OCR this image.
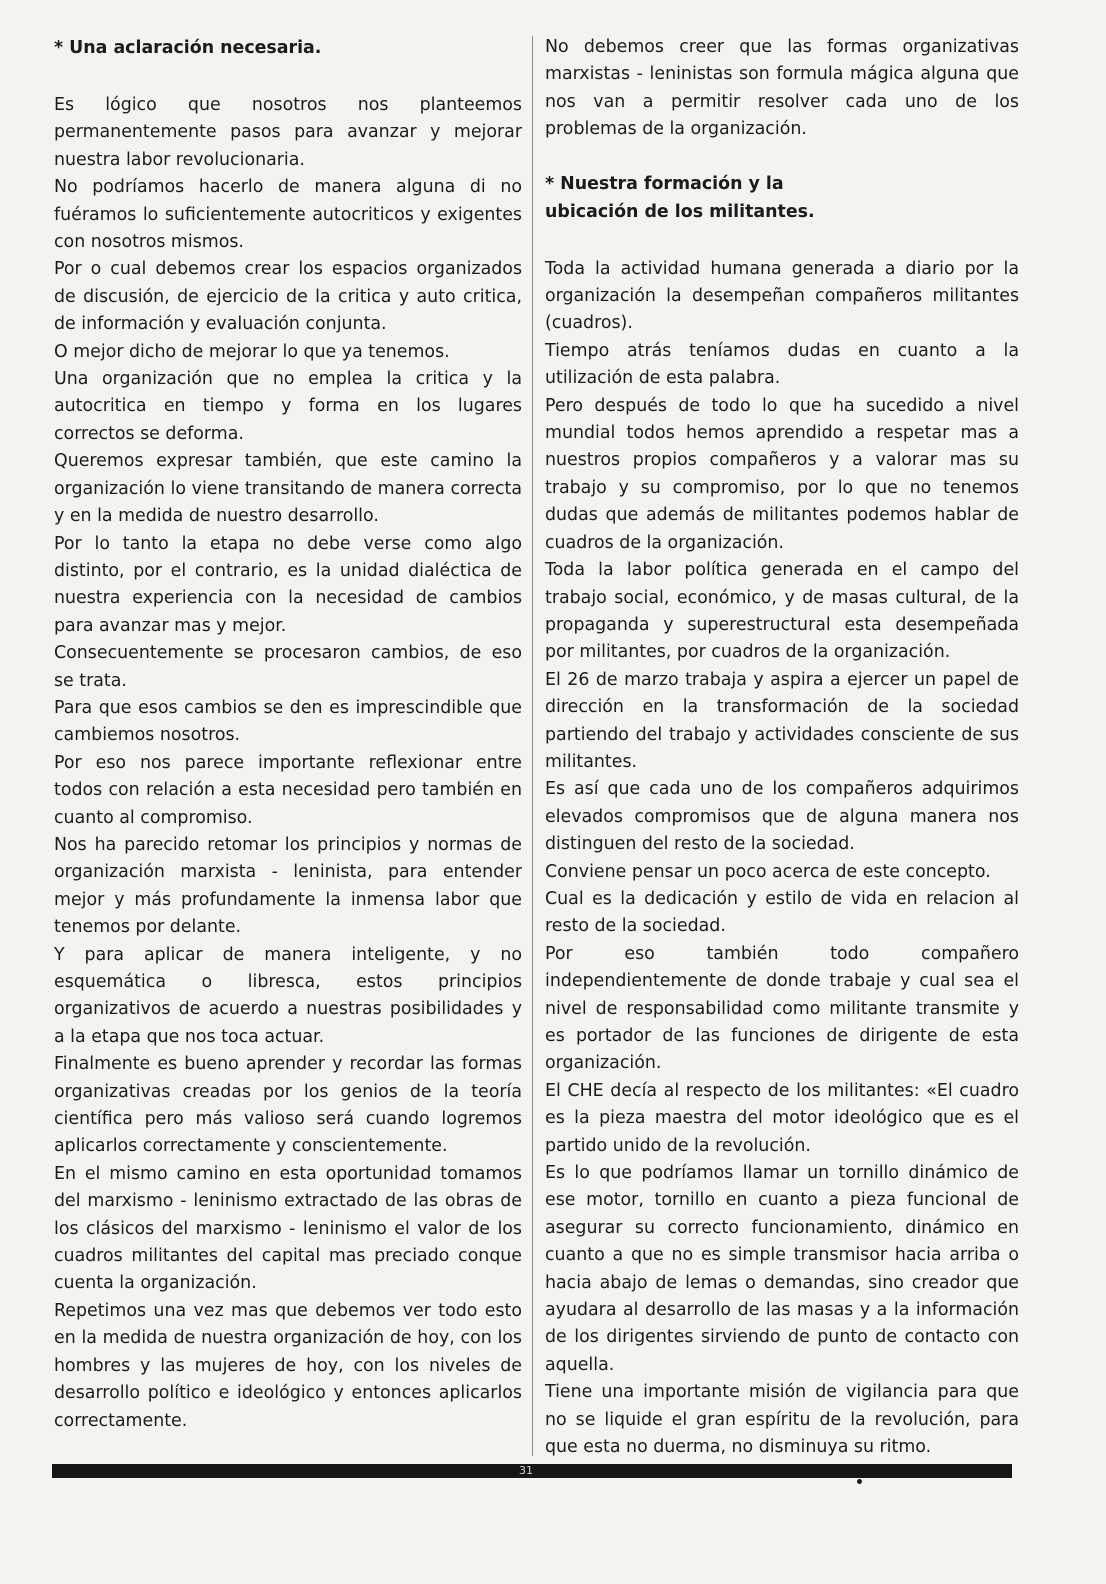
* Una aclaración necesaria.

Es lógico que nosotros nos planteemos permanentemente pasos para avanzar y mejorar nuestra labor revolucionaria.

No podríamos hacerlo de manera alguna di no fuéramos lo suficientemente autocriticos y exigentes con nosotros mismos.

Por o cual debemos crear los espacios organizados de discusión, de ejercicio de la critica y auto critica, de información y evaluación conjunta.

O mejor dicho de mejorar lo que ya tenemos.

Una organización que no emplea la critica y la autocritica en tiempo y forma en los lugares correctos se deforma.

Queremos expresar también, que este camino la organización lo viene transitando de manera correcta y en la medida de nuestro desarrollo.

Por lo tanto la etapa no debe verse como algo distinto, por el contrario, es la unidad dialéctica de nuestra experiencia con la necesidad de cambios para avanzar mas y mejor.

Consecuentemente se procesaron cambios, de eso se trata.

Para que esos cambios se den es imprescindible que cambiemos nosotros.

Por eso nos parece importante reflexionar entre todos con relación a esta necesidad pero también en cuanto al compromiso.

Nos ha parecido retomar los principios y normas de organización marxista - leninista, para entender mejor y más profundamente la inmensa labor que tenemos por delante.

Y para aplicar de manera inteligente, y no esquemática o libresca, estos principios organizativos de acuerdo a nuestras posibilidades y a la etapa que nos toca actuar.

Finalmente es bueno aprender y recordar las formas organizativas creadas por los genios de la teoría científica pero más valioso será cuando logremos aplicarlos correctamente y conscientemente.

En el mismo camino en esta oportunidad tomamos del marxismo - leninismo extractado de las obras de los clásicos del marxismo - leninismo el valor de los cuadros militantes del capital mas preciado conque cuenta la organización.

Repetimos una vez mas que debemos ver todo esto en la medida de nuestra organización de hoy, con los hombres y las mujeres de hoy, con los niveles de desarrollo político e ideológico y entonces aplicarlos correctamente.

No debemos creer que las formas organizativas marxistas - leninistas son formula mágica alguna que nos van a permitir resolver cada uno de los problemas de la organización.

* Nuestra formación y la
ubicación de los militantes.

Toda la actividad humana generada a diario por la organización la desempeñan compañeros militantes (cuadros).

Tiempo atrás teníamos dudas en cuanto a la utilización de esta palabra.

Pero después de todo lo que ha sucedido a nivel mundial todos hemos aprendido a respetar mas a nuestros propios compañeros y a valorar mas su trabajo y su compromiso, por lo que no tenemos dudas que además de militantes podemos hablar de cuadros de la organización.

Toda la labor política generada en el campo del trabajo social, económico, y de masas cultural, de la propaganda y superestructural esta desempeñada por militantes, por cuadros de la organización.

El 26 de marzo trabaja y aspira a ejercer un papel de dirección en la transformación de la sociedad partiendo del trabajo y actividades consciente de sus militantes.

Es así que cada uno de los compañeros adquirimos elevados compromisos que de alguna manera nos distinguen del resto de la sociedad.

Conviene pensar un poco acerca de este concepto.

Cual es la dedicación y estilo de vida en relacion al resto de la sociedad.

Por eso también todo compañero independientemente de donde trabaje y cual sea el nivel de responsabilidad como militante transmite y es portador de las funciones de dirigente de esta organización.

El CHE decía al respecto de los militantes: «El cuadro es la pieza maestra del motor ideológico que es el partido unido de la revolución.

Es lo que podríamos llamar un tornillo dinámico de ese motor, tornillo en cuanto a pieza funcional de asegurar su correcto funcionamiento, dinámico en cuanto a que no es simple transmisor hacia arriba o hacia abajo de lemas o demandas, sino creador que ayudara al desarrollo de las masas y a la información de los dirigentes sirviendo de punto de contacto con aquella.

Tiene una importante misión de vigilancia para que no se liquide el gran espíritu de la revolución, para que esta no duerma, no disminuya su ritmo.

31
